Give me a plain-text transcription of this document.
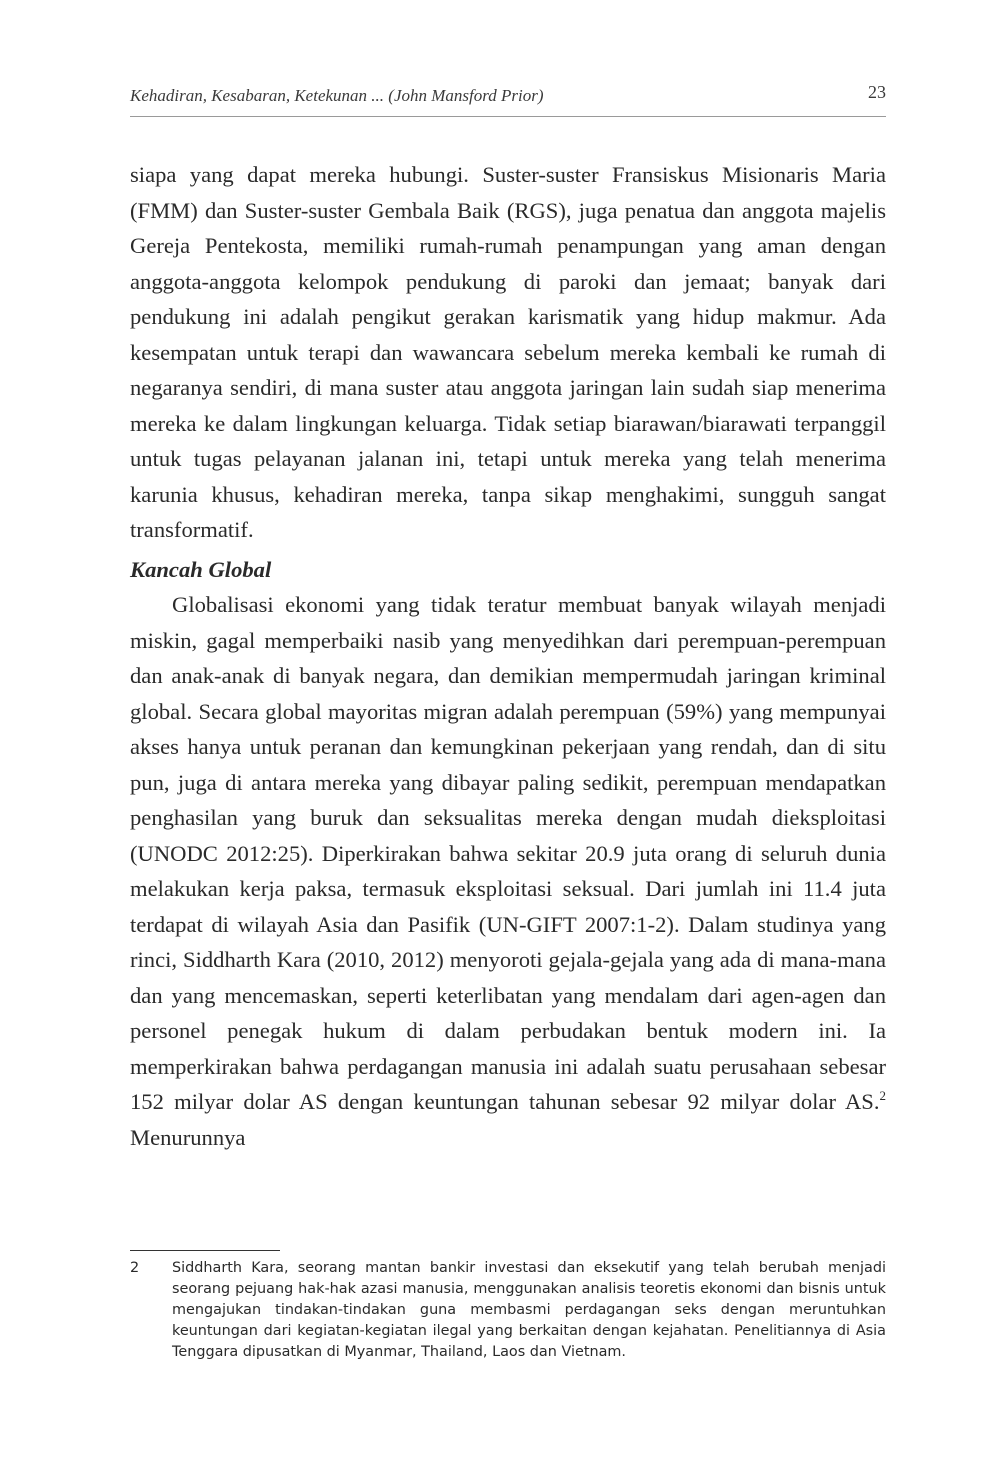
Kehadiran, Kesabaran, Ketekunan ... (John Mansford Prior)	23

siapa yang dapat mereka hubungi. Suster-suster Fransiskus Misionaris Maria (FMM) dan Suster-suster Gembala Baik (RGS), juga penatua dan anggota majelis Gereja Pentekosta, memiliki rumah-rumah penampungan yang aman dengan anggota-anggota kelompok pendukung di paroki dan jemaat; banyak dari pendukung ini adalah pengikut gerakan karismatik yang hidup makmur. Ada kesempatan untuk terapi dan wawancara sebelum mereka kembali ke rumah di negaranya sendiri, di mana suster atau anggota jaringan lain sudah siap menerima mereka ke dalam lingkungan keluarga. Tidak setiap biarawan/biarawati terpanggil untuk tugas pelayanan jalanan ini, tetapi untuk mereka yang telah menerima karunia khusus, kehadiran mereka, tanpa sikap menghakimi, sungguh sangat transformatif.

Kancah Global

Globalisasi ekonomi yang tidak teratur membuat banyak wilayah menjadi miskin, gagal memperbaiki nasib yang menyedihkan dari perempuan-perempuan dan anak-anak di banyak negara, dan demikian mempermudah jaringan kriminal global. Secara global mayoritas migran adalah perempuan (59%) yang mempunyai akses hanya untuk peranan dan kemungkinan pekerjaan yang rendah, dan di situ pun, juga di antara mereka yang dibayar paling sedikit, perempuan mendapatkan penghasilan yang buruk dan seksualitas mereka dengan mudah dieksploitasi (UNODC 2012:25). Diperkirakan bahwa sekitar 20.9 juta orang di seluruh dunia melakukan kerja paksa, termasuk eksploitasi seksual. Dari jumlah ini 11.4 juta terdapat di wilayah Asia dan Pasifik (UN-GIFT 2007:1-2). Dalam studinya yang rinci, Siddharth Kara (2010, 2012) menyoroti gejala-gejala yang ada di mana-mana dan yang mencemaskan, seperti keterlibatan yang mendalam dari agen-agen dan personel penegak hukum di dalam perbudakan bentuk modern ini. Ia memperkirakan bahwa perdagangan manusia ini adalah suatu perusahaan sebesar 152 milyar dolar AS dengan keuntungan tahunan sebesar 92 milyar dolar AS.$^2$ Menurunnya

2 Siddharth Kara, seorang mantan bankir investasi dan eksekutif yang telah berubah menjadi seorang pejuang hak-hak azasi manusia, menggunakan analisis teoretis ekonomi dan bisnis untuk mengajukan tindakan-tindakan guna membasmi perdagangan seks dengan meruntuhkan keuntungan dari kegiatan-kegiatan ilegal yang berkaitan dengan kejahatan. Penelitiannya di Asia Tenggara dipusatkan di Myanmar, Thailand, Laos dan Vietnam.
